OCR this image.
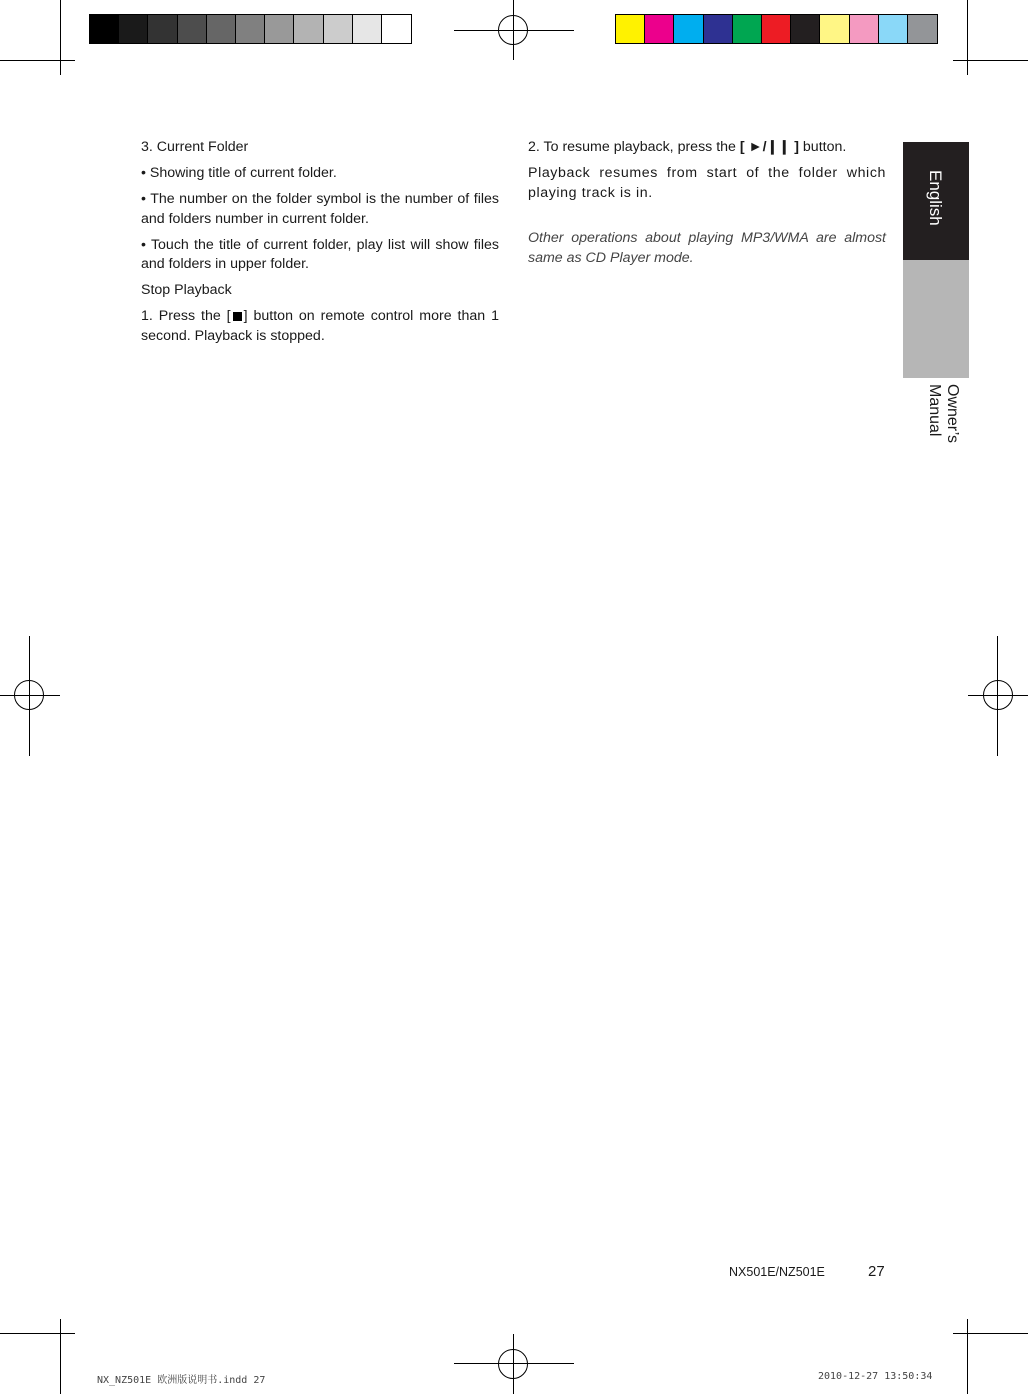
3. Current Folder

• Showing title of current folder.

• The number on the folder symbol is the number of files and folders number in current folder.

• Touch the title of current folder, play list will show files and folders in upper folder.

Stop Playback

1. Press the [ ] button on remote control more than 1 second. Playback is stopped.

2. To resume playback, press the [ ►/❙❙ ] button.

Playback resumes from start of the folder which playing track is in.

Other operations about playing MP3/WMA are almost same as CD Player mode.

English
Owner’s Manual
NX501E/NZ501E	27
NX_NZ501E 欧洲版说明书.indd 27	2010-12-27 13:50:34
